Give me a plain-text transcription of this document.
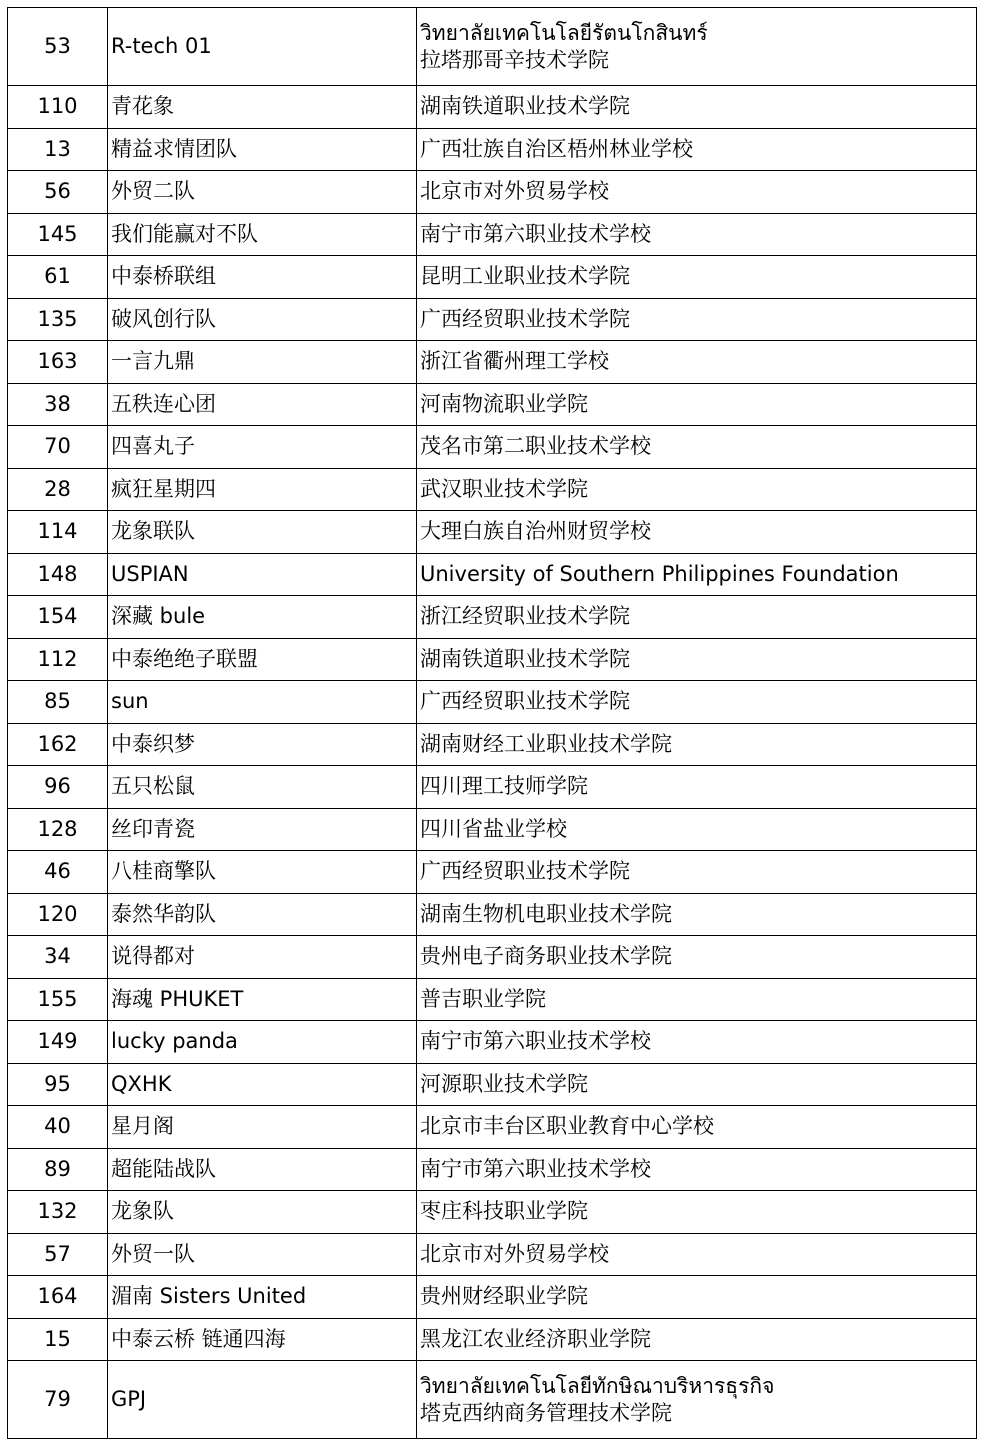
53	R-tech 01	วิทยาลัยเทคโนโลยีรัตนโกสินทร์
拉塔那哥辛技术学院

110	青花象	湖南铁道职业技术学院

13	精益求情团队	广西壮族自治区梧州林业学校

56	外贸二队	北京市对外贸易学校

145	我们能赢对不队	南宁市第六职业技术学校

61	中泰桥联组	昆明工业职业技术学院

135	破风创行队	广西经贸职业技术学院

163	一言九鼎	浙江省衢州理工学校

38	五秩连心团	河南物流职业学院

70	四喜丸子	茂名市第二职业技术学校

28	疯狂星期四	武汉职业技术学院

114	龙象联队	大理白族自治州财贸学校

148	USPIAN	University of Southern Philippines Foundation

154	深藏 bule	浙江经贸职业技术学院

112	中泰绝绝子联盟	湖南铁道职业技术学院

85	sun	广西经贸职业技术学院

162	中泰织梦	湖南财经工业职业技术学院

96	五只松鼠	四川理工技师学院

128	丝印青瓷	四川省盐业学校

46	八桂商擎队	广西经贸职业技术学院

120	泰然华韵队	湖南生物机电职业技术学院

34	说得都对	贵州电子商务职业技术学院

155	海魂 PHUKET	普吉职业学院

149	lucky panda	南宁市第六职业技术学校

95	QXHK	河源职业技术学院

40	星月阁	北京市丰台区职业教育中心学校

89	超能陆战队	南宁市第六职业技术学校

132	龙象队	枣庄科技职业学院

57	外贸一队	北京市对外贸易学校

164	湄南 Sisters United	贵州财经职业学院

15	中泰云桥 链通四海	黑龙江农业经济职业学院

79	GPJ	วิทยาลัยเทคโนโลยีทักษิณาบริหารธุรกิจ
塔克西纳商务管理技术学院
